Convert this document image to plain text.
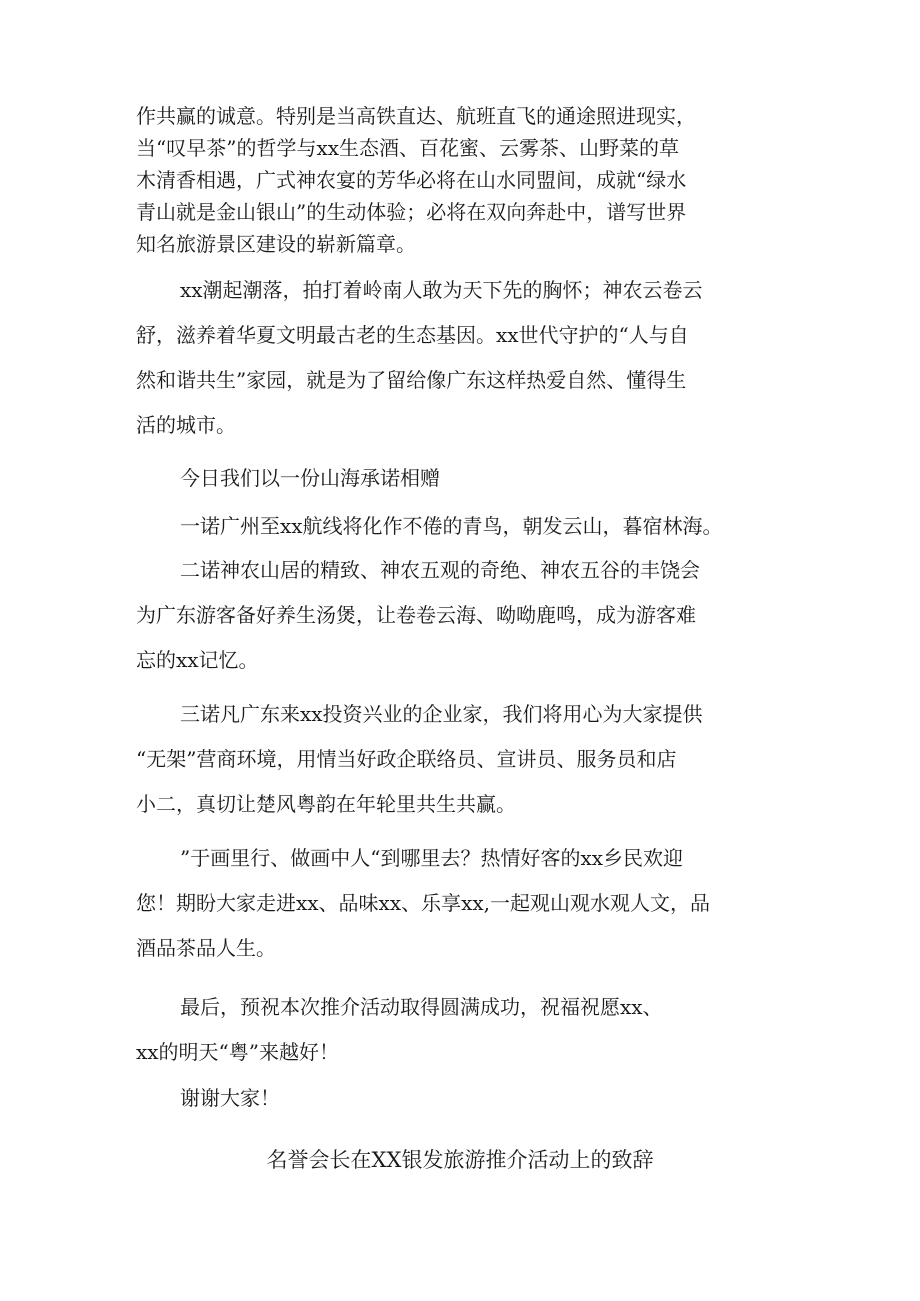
作共赢的诚意。特别是当高铁直达、航班直飞的通途照进现实，
当“叹早茶”的哲学与xx生态酒、百花蜜、云雾茶、山野菜的草
木清香相遇，广式神农宴的芳华必将在山水同盟间，成就“绿水
青山就是金山银山”的生动体验；必将在双向奔赴中，谱写世界
知名旅游景区建设的崭新篇章。
xx潮起潮落，拍打着岭南人敢为天下先的胸怀；神农云卷云
舒，滋养着华夏文明最古老的生态基因。xx世代守护的“人与自
然和谐共生”家园，就是为了留给像广东这样热爱自然、懂得生
活的城市。
今日我们以一份山海承诺相赠
一诺广州至xx航线将化作不倦的青鸟，朝发云山，暮宿林海。
二诺神农山居的精致、神农五观的奇绝、神农五谷的丰饶会
为广东游客备好养生汤煲，让卷卷云海、呦呦鹿鸣，成为游客难
忘的xx记忆。
三诺凡广东来xx投资兴业的企业家，我们将用心为大家提供
“无架”营商环境，用情当好政企联络员、宣讲员、服务员和店
小二，真切让楚风粤韵在年轮里共生共赢。
”于画里行、做画中人“到哪里去？热情好客的xx乡民欢迎
您！期盼大家走进xx、品味xx、乐享xx,一起观山观水观人文，品
酒品茶品人生。
最后，预祝本次推介活动取得圆满成功，祝福祝愿xx、
xx的明天“粤”来越好！
谢谢大家！
名誉会长在XX银发旅游推介活动上的致辞
